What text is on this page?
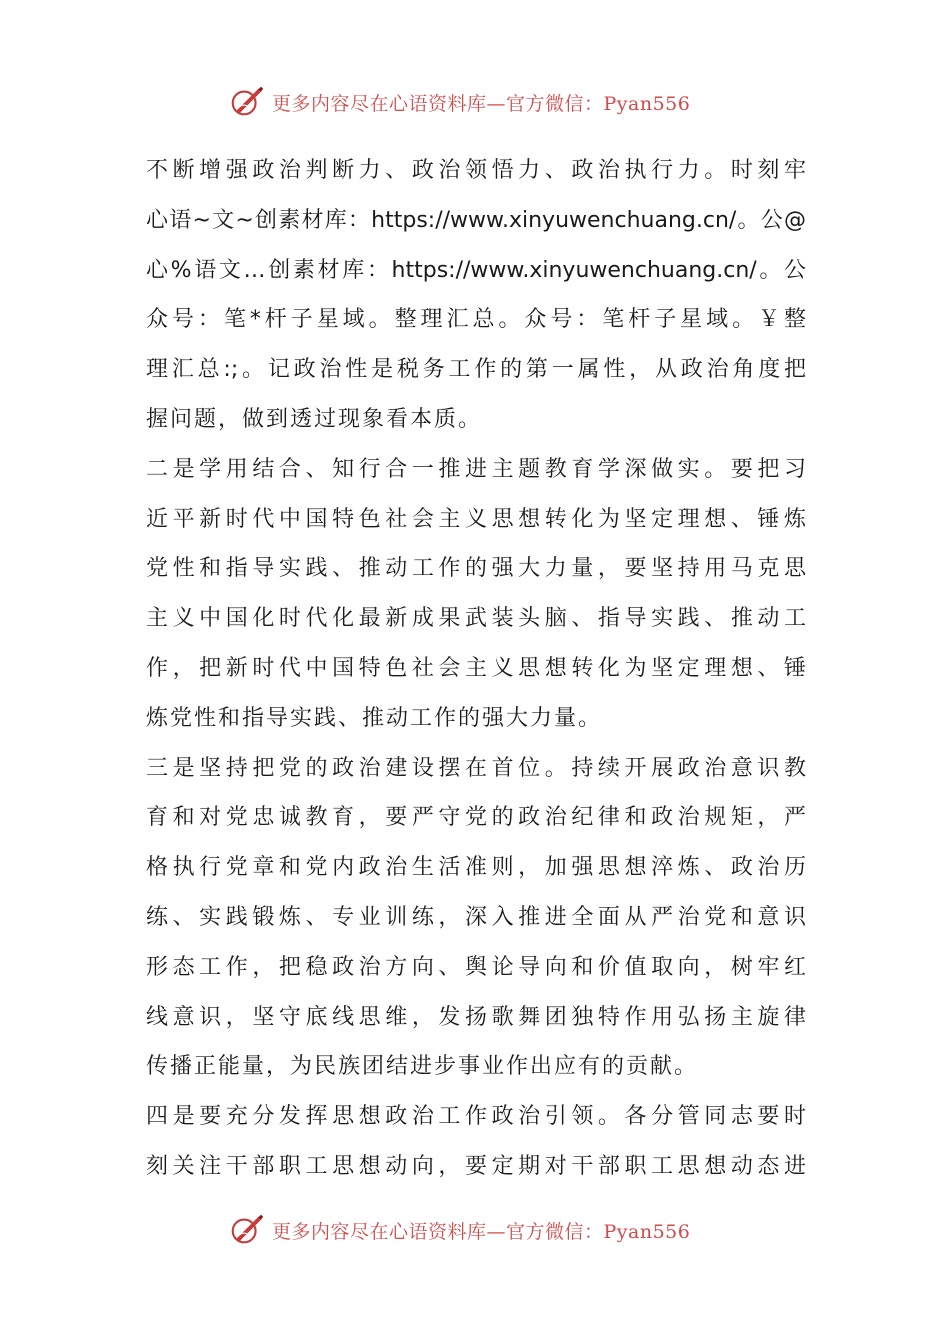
更多内容尽在心语资料库—官方微信：Pyan556
不断增强政治判断力、政治领悟力、政治执行力。时刻牢
心语~文~创素材库：https://www.xinyuwenchuang.cn/。公@
心%语文…创素材库：https://www.xinyuwenchuang.cn/。公
众号：笔*杆子星域。整理汇总。众号：笔杆子星域。￥整
理汇总:;。记政治性是税务工作的第一属性，从政治角度把
握问题，做到透过现象看本质。
二是学用结合、知行合一推进主题教育学深做实。要把习
近平新时代中国特色社会主义思想转化为坚定理想、锤炼
党性和指导实践、推动工作的强大力量，要坚持用马克思
主义中国化时代化最新成果武装头脑、指导实践、推动工
作，把新时代中国特色社会主义思想转化为坚定理想、锤
炼党性和指导实践、推动工作的强大力量。
三是坚持把党的政治建设摆在首位。持续开展政治意识教
育和对党忠诚教育，要严守党的政治纪律和政治规矩，严
格执行党章和党内政治生活准则，加强思想淬炼、政治历
练、实践锻炼、专业训练，深入推进全面从严治党和意识
形态工作，把稳政治方向、舆论导向和价值取向，树牢红
线意识，坚守底线思维，发扬歌舞团独特作用弘扬主旋律
传播正能量，为民族团结进步事业作出应有的贡献。
四是要充分发挥思想政治工作政治引领。各分管同志要时
刻关注干部职工思想动向，要定期对干部职工思想动态进
更多内容尽在心语资料库—官方微信：Pyan556
